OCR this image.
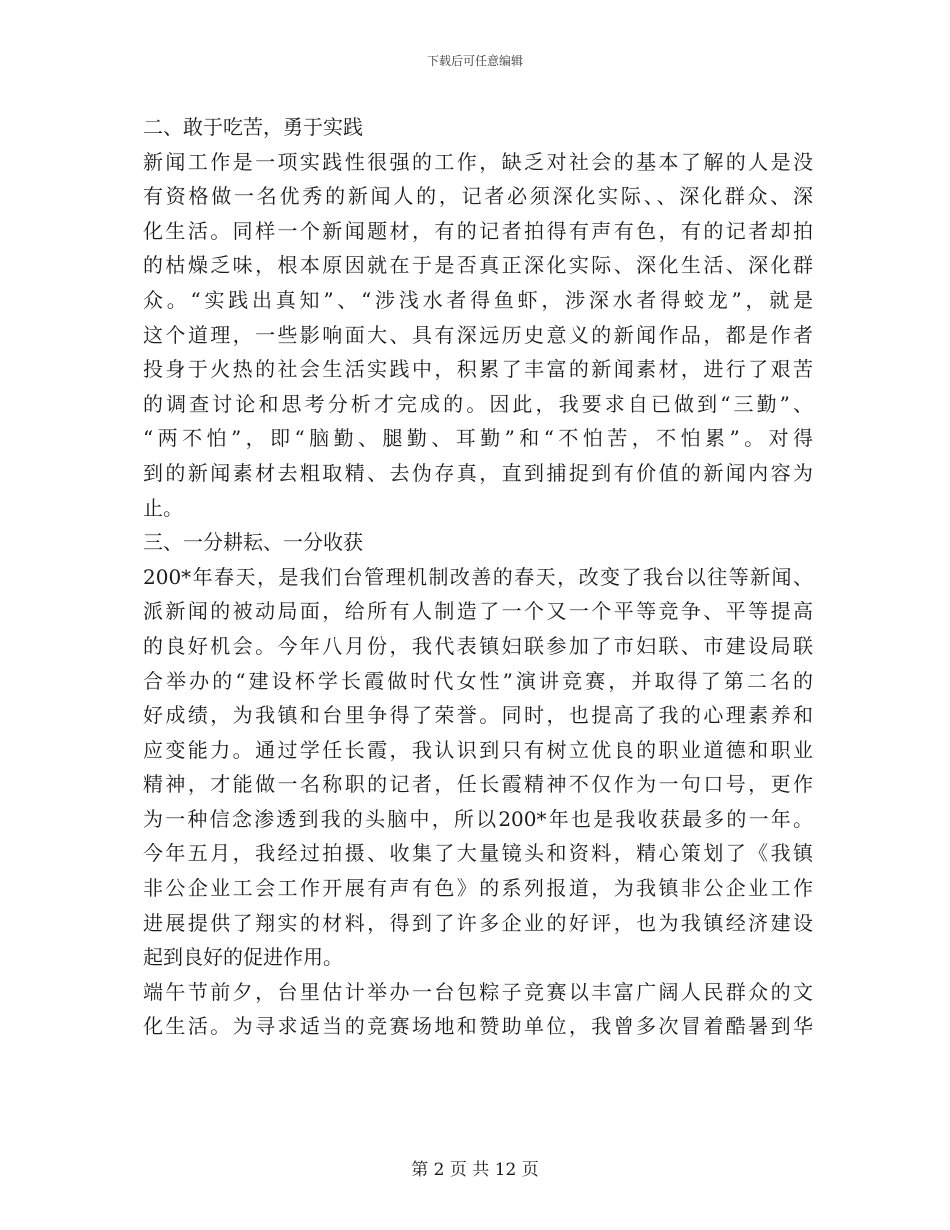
下载后可任意编辑
二、敢于吃苦，勇于实践
新闻工作是一项实践性很强的工作，缺乏对社会的基本了解的人是没
有资格做一名优秀的新闻人的，记者必须深化实际、、深化群众、深
化生活。同样一个新闻题材，有的记者拍得有声有色，有的记者却拍
的枯燥乏味，根本原因就在于是否真正深化实际、深化生活、深化群
众。“实践出真知”、“涉浅水者得鱼虾，涉深水者得蛟龙”，就是
这个道理，一些影响面大、具有深远历史意义的新闻作品，都是作者
投身于火热的社会生活实践中，积累了丰富的新闻素材，进行了艰苦
的调查讨论和思考分析才完成的。因此，我要求自已做到“三勤”、
“两不怕”，即“脑勤、腿勤、耳勤”和“不怕苦，不怕累”。对得
到的新闻素材去粗取精、去伪存真，直到捕捉到有价值的新闻内容为
止。
三、一分耕耘、一分收获
200*年春天，是我们台管理机制改善的春天，改变了我台以往等新闻、
派新闻的被动局面，给所有人制造了一个又一个平等竞争、平等提高
的良好机会。今年八月份，我代表镇妇联参加了市妇联、市建设局联
合举办的“建设杯学长霞做时代女性”演讲竞赛，并取得了第二名的
好成绩，为我镇和台里争得了荣誉。同时，也提高了我的心理素养和
应变能力。通过学任长霞，我认识到只有树立优良的职业道德和职业
精神，才能做一名称职的记者，任长霞精神不仅作为一句口号，更作
为一种信念渗透到我的头脑中，所以200*年也是我收获最多的一年。
今年五月，我经过拍摄、收集了大量镜头和资料，精心策划了《我镇
非公企业工会工作开展有声有色》的系列报道，为我镇非公企业工作
进展提供了翔实的材料，得到了许多企业的好评，也为我镇经济建设
起到良好的促进作用。
端午节前夕，台里估计举办一台包粽子竞赛以丰富广阔人民群众的文
化生活。为寻求适当的竞赛场地和赞助单位，我曾多次冒着酷暑到华
第 2 页 共 12 页
